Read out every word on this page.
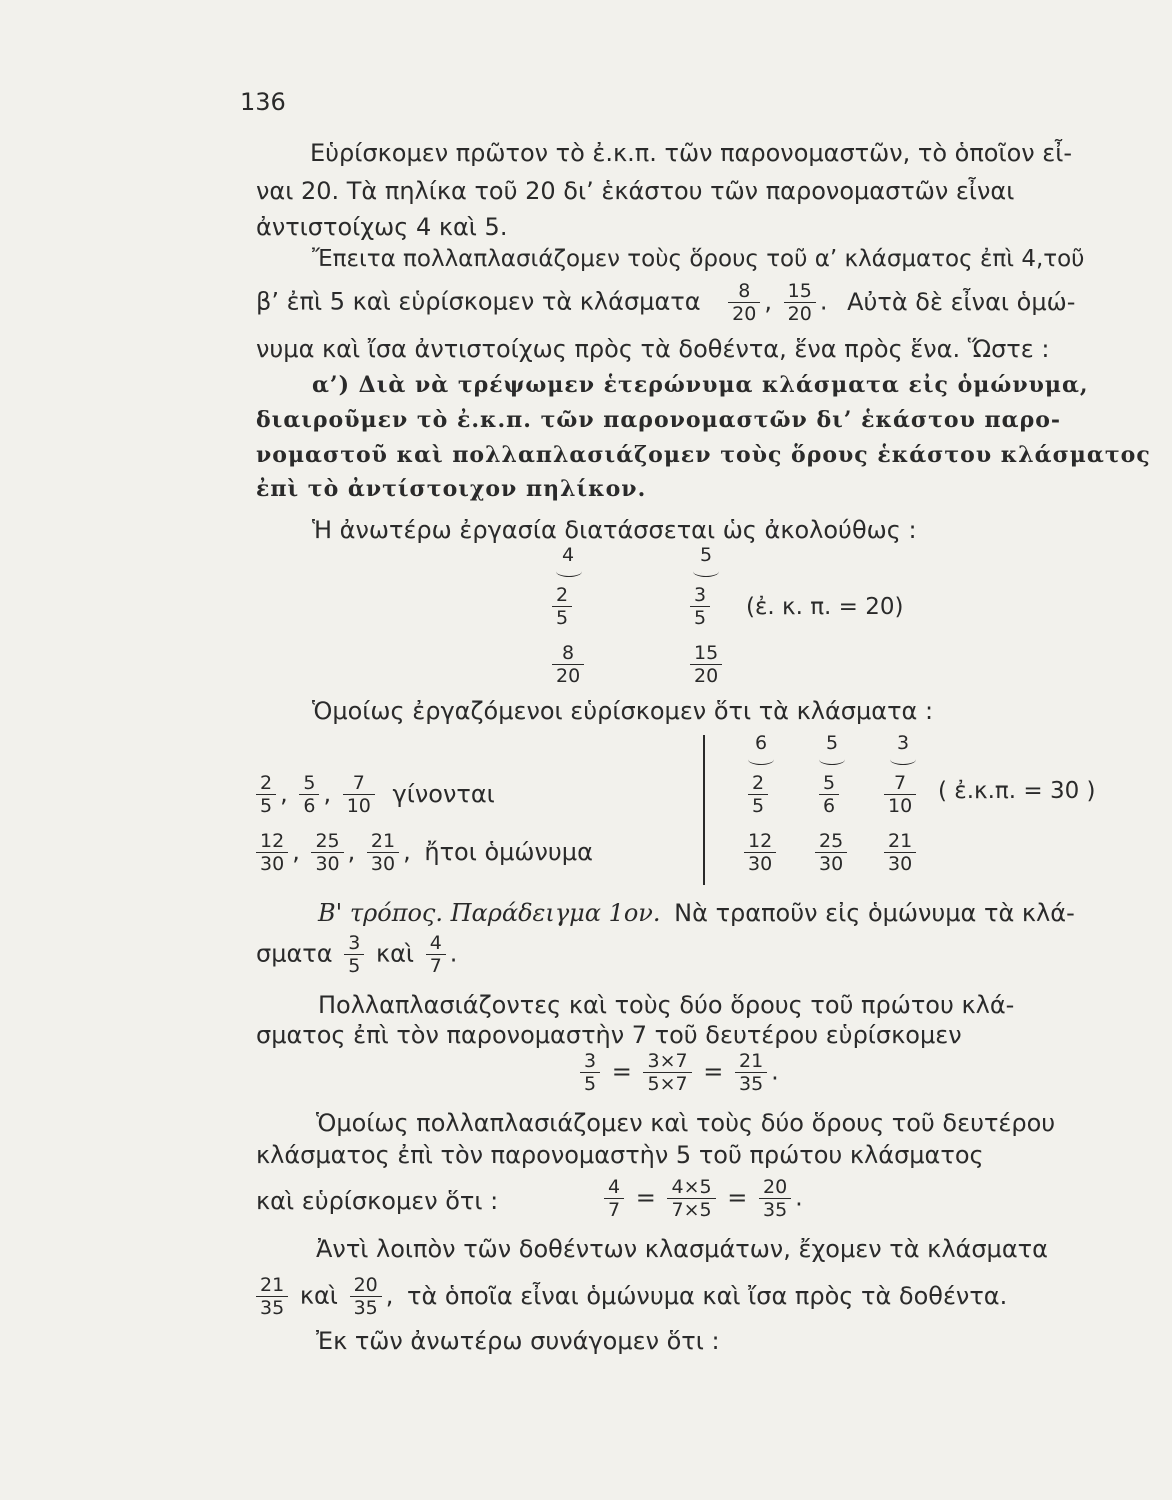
136
Εὑρίσκομεν πρῶτον τὸ ἐ.κ.π. τῶν παρονομαστῶν, τὸ ὁποῖον εἶ-
ναι 20. Τὰ πηλίκα τοῦ 20 δι’ ἑκάστου τῶν παρονομαστῶν εἶναι
ἀντιστοίχως 4 καὶ 5.
Ἔπειτα πολλαπλασιάζομεν τοὺς ὅρους τοῦ α’ κλάσματος ἐπὶ 4,τοῦ
β’ ἐπὶ 5 καὶ εὑρίσκομεν τὰ κλάσματα $\frac{8}{20}$ , $\frac{15}{20}$ . Αὐτὰ δὲ εἶναι ὁμώ-
νυμα καὶ ἴσα ἀντιστοίχως πρὸς τὰ δοθέντα, ἕνα πρὸς ἕνα. Ὥστε :
α’) Διὰ νὰ τρέψωμεν ἑτερώνυμα κλάσματα εἰς ὁμώνυμα,
διαιροῦμεν τὸ ἐ.κ.π. τῶν παρονομαστῶν δι’ ἑκάστου παρο-
νομαστοῦ καὶ πολλαπλασιάζομεν τοὺς ὅρους ἑκάστου κλάσματος
ἐπὶ τὸ ἀντίστοιχον πηλίκον.
Ἡ ἀνωτέρω ἐργασία διατάσσεται ὡς ἀκολούθως :
4	5
$\frac{2}{5}$	$\frac{3}{5}$ (ἐ. κ. π. = 20)
$\frac{8}{20}$	$\frac{15}{20}$
Ὁμοίως ἐργαζόμενοι εὑρίσκομεν ὅτι τὰ κλάσματα :
$\frac{2}{5}$ , $\frac{5}{6}$ , $\frac{7}{10}$ γίνονται
$\frac{12}{30}$ , $\frac{25}{30}$ , $\frac{21}{30}$ , ἤτοι ὁμώνυμα
6	5	3
$\frac{2}{5}$	$\frac{5}{6} \frac{7}{10}$ ( ἐ.κ.π. = 30 )
$\frac{12}{30} \frac{25}{30} \frac{21}{30}$
Β' τρόπος. Παράδειγμα 1ον. Νὰ τραποῦν εἰς ὁμώνυμα τὰ κλά-
σματα $\frac{3}{5}$ καὶ $\frac{4}{7}$ .
Πολλαπλασιάζοντες καὶ τοὺς δύο ὅρους τοῦ πρώτου κλά-
σματος ἐπὶ τὸν παρονομαστὴν 7 τοῦ δευτέρου εὑρίσκομεν
$\frac{3}{5} = \frac{3\times 7}{5\times 7} = \frac{21}{35}$ .
Ὁμοίως πολλαπλασιάζομεν καὶ τοὺς δύο ὅρους τοῦ δευτέρου
κλάσματος ἐπὶ τὸν παρονομαστὴν 5 τοῦ πρώτου κλάσματος
καὶ εὑρίσκομεν ὅτι :	$\frac{4}{7} = \frac{4\times 5}{7\times 5} = \frac{20}{35}$ .
Ἀντὶ λοιπὸν τῶν δοθέντων κλασμάτων, ἔχομεν τὰ κλάσματα
$\frac{21}{35}$ καὶ $\frac{20}{35}$ , τὰ ὁποῖα εἶναι ὁμώνυμα καὶ ἴσα πρὸς τὰ δοθέντα.
Ἐκ τῶν ἀνωτέρω συνάγομεν ὅτι :
